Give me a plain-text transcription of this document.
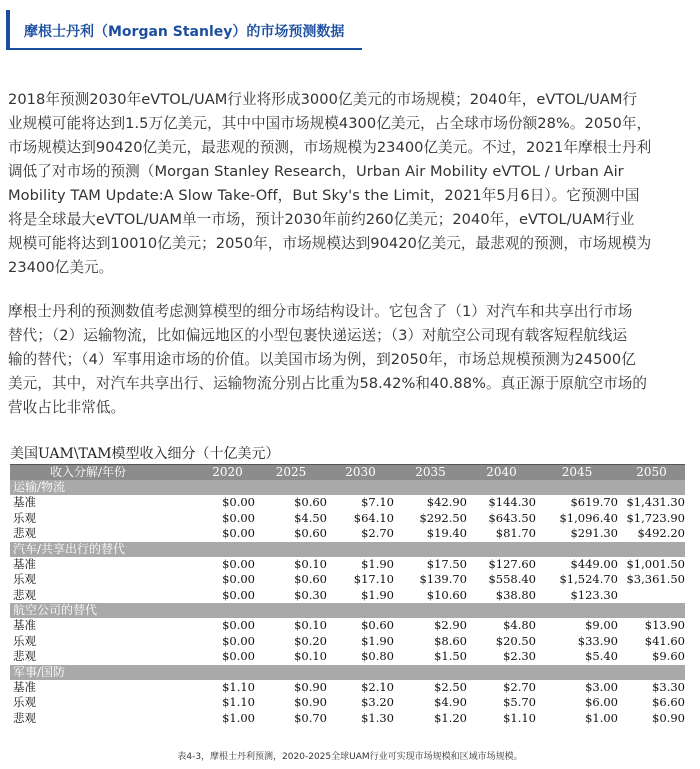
摩根士丹利（Morgan Stanley）的市场预测数据
2018年预测2030年eVTOL/UAM行业将形成3000亿美元的市场规模；2040年，eVTOL/UAM行
业规模可能将达到1.5万亿美元，其中中国市场规模4300亿美元，占全球市场份额28%。2050年，
市场规模达到90420亿美元，最悲观的预测，市场规模为23400亿美元。不过，2021年摩根士丹利
调低了对市场的预测（Morgan Stanley Research，Urban Air Mobility eVTOL / Urban Air
Mobility TAM Update:A Slow Take-Off，But Sky's the Limit，2021年5月6日）。它预测中国
将是全球最大eVTOL/UAM单一市场，预计2030年前约260亿美元；2040年，eVTOL/UAM行业
规模可能将达到10010亿美元；2050年，市场规模达到90420亿美元，最悲观的预测，市场规模为
23400亿美元。
摩根士丹利的预测数值考虑测算模型的细分市场结构设计。它包含了（1）对汽车和共享出行市场
替代；（2）运输物流，比如偏远地区的小型包裹快递运送；（3）对航空公司现有载客短程航线运
输的替代；（4）军事用途市场的价值。以美国市场为例，到2050年，市场总规模预测为24500亿
美元，其中，对汽车共享出行、运输物流分别占比重为58.42%和40.88%。真正源于原航空市场的
营收占比非常低。
美国UAM\TAM模型收入细分（十亿美元）
收入分解/年份	2020	2025	2030	2035	2040	2045	2050
运输/物流
基准	$0.00	$0.60	$7.10	$42.90	$144.30	$619.70 $1,431.30
乐观	$0.00	$4.50	$64.10	$292.50	$643.50	$1,096.40 $1,723.90
悲观	$0.00	$0.60	$2.70	$19.40	$81.70	$291.30	$492.20
汽车/共享出行的替代
基准	$0.00	$0.10	$1.90	$17.50	$127.60	$449.00 $1,001.50
乐观	$0.00	$0.60	$17.10	$139.70	$558.40	$1,524.70 $3,361.50
悲观	$0.00	$0.30	$1.90	$10.60	$38.80	$123.30
航空公司的替代
基准	$0.00	$0.10	$0.60	$2.90	$4.80	$9.00	$13.90
乐观	$0.00	$0.20	$1.90	$8.60	$20.50	$33.90	$41.60
悲观	$0.00	$0.10	$0.80	$1.50	$2.30	$5.40	$9.60
军事/国防
基准	$1.10	$0.90	$2.10	$2.50	$2.70	$3.00	$3.30
乐观	$1.10	$0.90	$3.20	$4.90	$5.70	$6.00	$6.60
悲观	$1.00	$0.70	$1.30	$1.20	$1.10	$1.00	$0.90
表4-3，摩根士丹利预测，2020-2025全球UAM行业可实现市场规模和区域市场规模。
